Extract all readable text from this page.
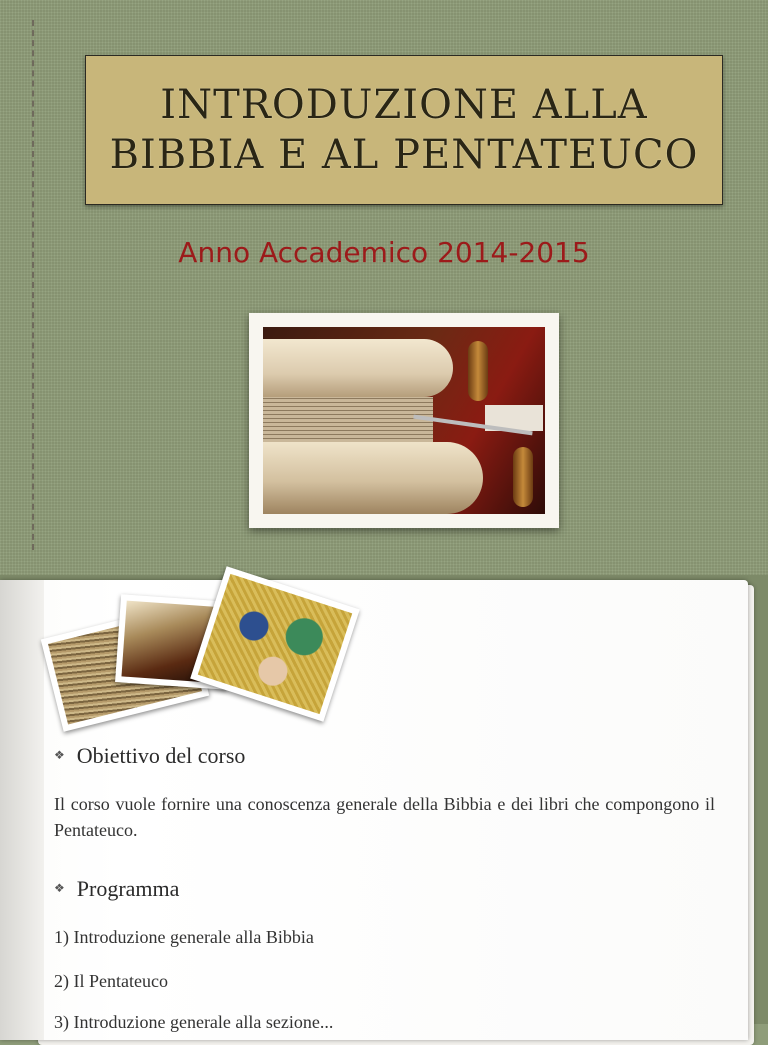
INTRODUZIONE ALLA
BIBBIA E AL PENTATEUCO

Anno Accademico 2014-2015
❖ Obiettivo del corso
Il corso vuole fornire una conoscenza generale della Bibbia e dei libri che compongono il Pentateuco.
❖ Programma
1) Introduzione generale alla Bibbia
2) Il Pentateuco
3) Introduzione generale alla sezione...
